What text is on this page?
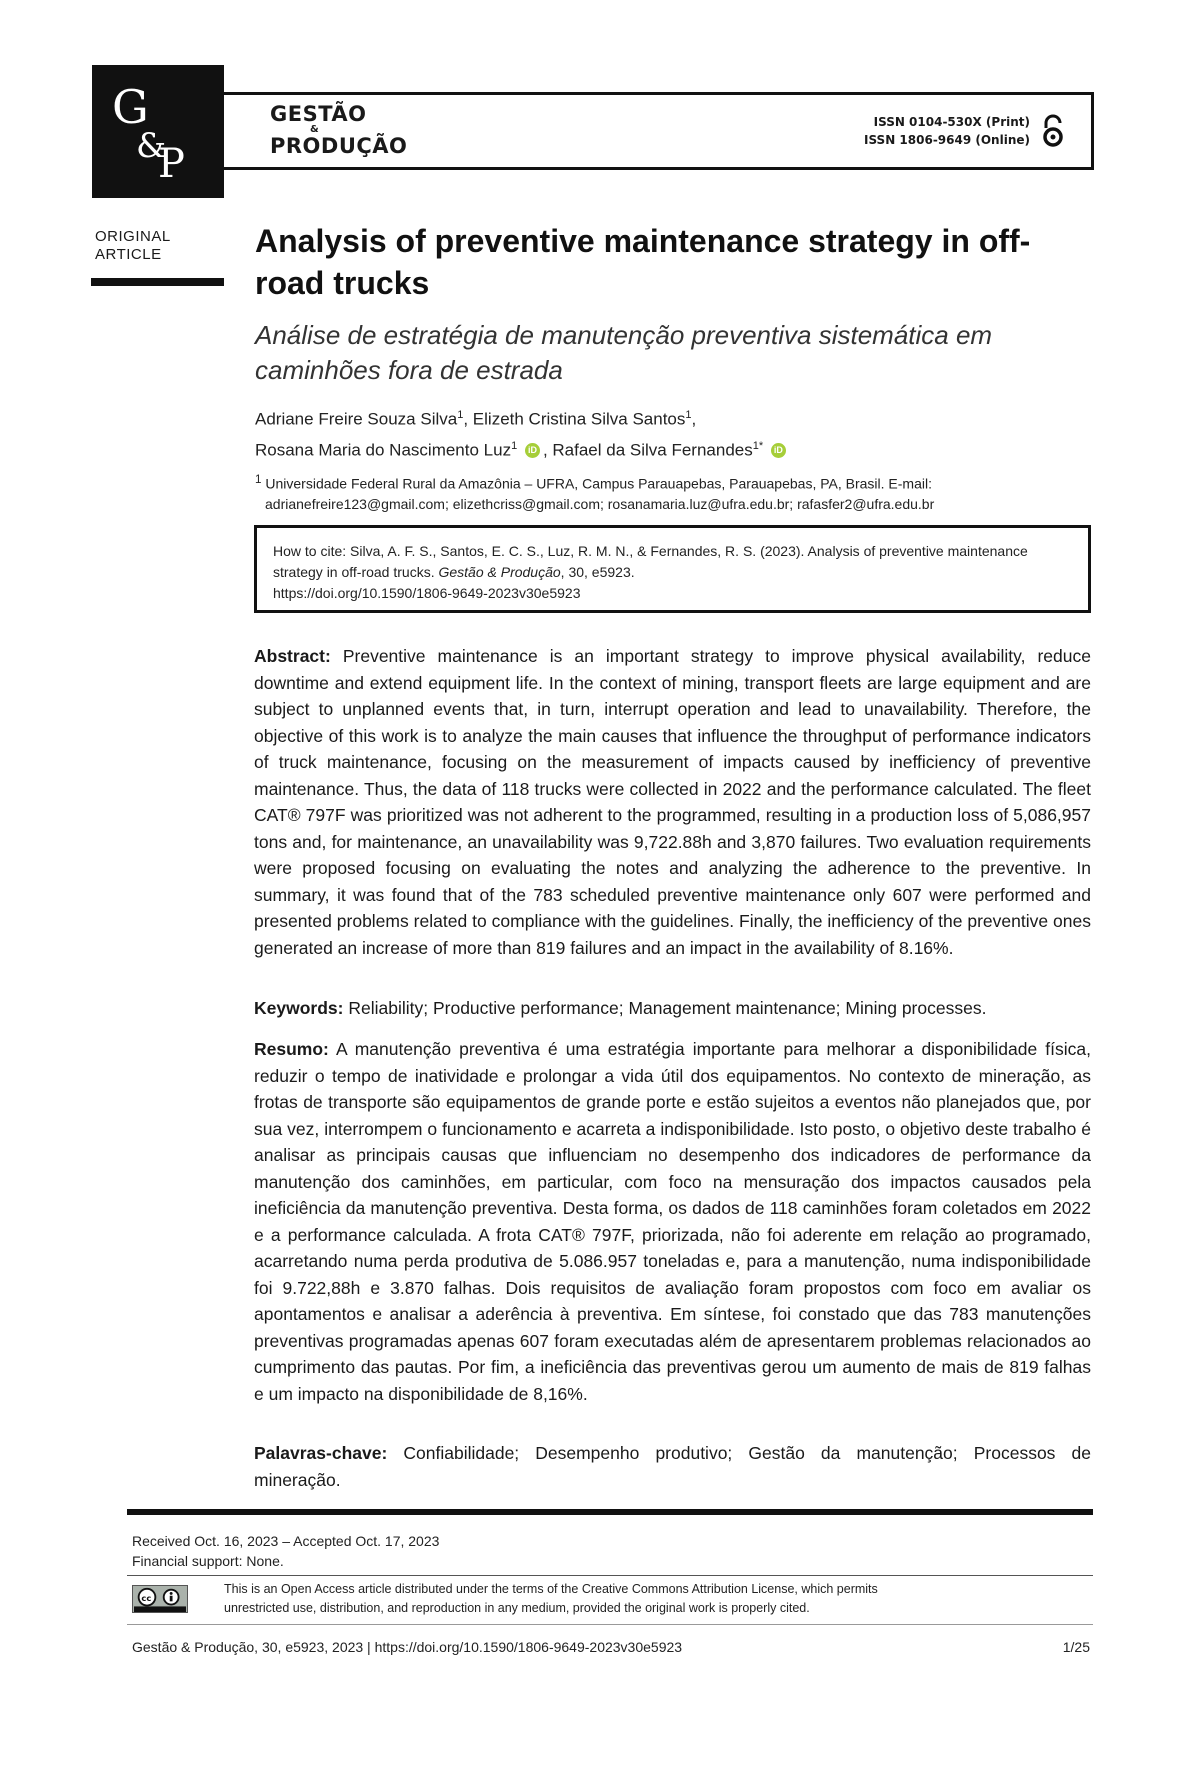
G
&
P
GESTÃO
&
PRODUÇÃO
ISSN 0104-530X (Print)
ISSN 1806-9649 (Online)
ORIGINAL
ARTICLE	Analysis of preventive maintenance strategy in off-road trucks
Análise de estratégia de manutenção preventiva sistemática em caminhões fora de estrada
Adriane Freire Souza Silva$^1$, Elizeth Cristina Silva Santos$^1$,
Rosana Maria do Nascimento Luz$^1$ iD , Rafael da Silva Fernandes$^{1*}$ iD
$^1$ Universidade Federal Rural da Amazônia – UFRA, Campus Parauapebas, Parauapebas, PA, Brasil. E-mail:
adrianefreire123@gmail.com; elizethcriss@gmail.com; rosanamaria.luz@ufra.edu.br; rafasfer2@ufra.edu.br
How to cite: Silva, A. F. S., Santos, E. C. S., Luz, R. M. N., & Fernandes, R. S. (2023). Analysis of preventive maintenance strategy in off-road trucks. Gestão & Produção, 30, e5923.
https://doi.org/10.1590/1806-9649-2023v30e5923
Abstract: Preventive maintenance is an important strategy to improve physical availability, reduce downtime and extend equipment life. In the context of mining, transport fleets are large equipment and are subject to unplanned events that, in turn, interrupt operation and lead to unavailability. Therefore, the objective of this work is to analyze the main causes that influence the throughput of performance indicators of truck maintenance, focusing on the measurement of impacts caused by inefficiency of preventive maintenance. Thus, the data of 118 trucks were collected in 2022 and the performance calculated. The fleet CAT® 797F was prioritized was not adherent to the programmed, resulting in a production loss of 5,086,957 tons and, for maintenance, an unavailability was 9,722.88h and 3,870 failures. Two evaluation requirements were proposed focusing on evaluating the notes and analyzing the adherence to the preventive. In summary, it was found that of the 783 scheduled preventive maintenance only 607 were performed and presented problems related to compliance with the guidelines. Finally, the inefficiency of the preventive ones generated an increase of more than 819 failures and an impact in the availability of 8.16%.
Keywords: Reliability; Productive performance; Management maintenance; Mining processes.
Resumo: A manutenção preventiva é uma estratégia importante para melhorar a disponibilidade física, reduzir o tempo de inatividade e prolongar a vida útil dos equipamentos. No contexto de mineração, as frotas de transporte são equipamentos de grande porte e estão sujeitos a eventos não planejados que, por sua vez, interrompem o funcionamento e acarreta a indisponibilidade. Isto posto, o objetivo deste trabalho é analisar as principais causas que influenciam no desempenho dos indicadores de performance da manutenção dos caminhões, em particular, com foco na mensuração dos impactos causados pela ineficiência da manutenção preventiva. Desta forma, os dados de 118 caminhões foram coletados em 2022 e a performance calculada. A frota CAT® 797F, priorizada, não foi aderente em relação ao programado, acarretando numa perda produtiva de 5.086.957 toneladas e, para a manutenção, numa indisponibilidade foi 9.722,88h e 3.870 falhas. Dois requisitos de avaliação foram propostos com foco em avaliar os apontamentos e analisar a aderência à preventiva. Em síntese, foi constado que das 783 manutenções preventivas programadas apenas 607 foram executadas além de apresentarem problemas relacionados ao cumprimento das pautas. Por fim, a ineficiência das preventivas gerou um aumento de mais de 819 falhas e um impacto na disponibilidade de 8,16%.
Palavras-chave: Confiabilidade; Desempenho produtivo; Gestão da manutenção; Processos de mineração.
Received Oct. 16, 2023 – Accepted Oct. 17, 2023
Financial support: None.
cc
This is an Open Access article distributed under the terms of the Creative Commons Attribution License, which permits
unrestricted use, distribution, and reproduction in any medium, provided the original work is properly cited.
Gestão & Produção, 30, e5923, 2023 | https://doi.org/10.1590/1806-9649-2023v30e5923	1/25
